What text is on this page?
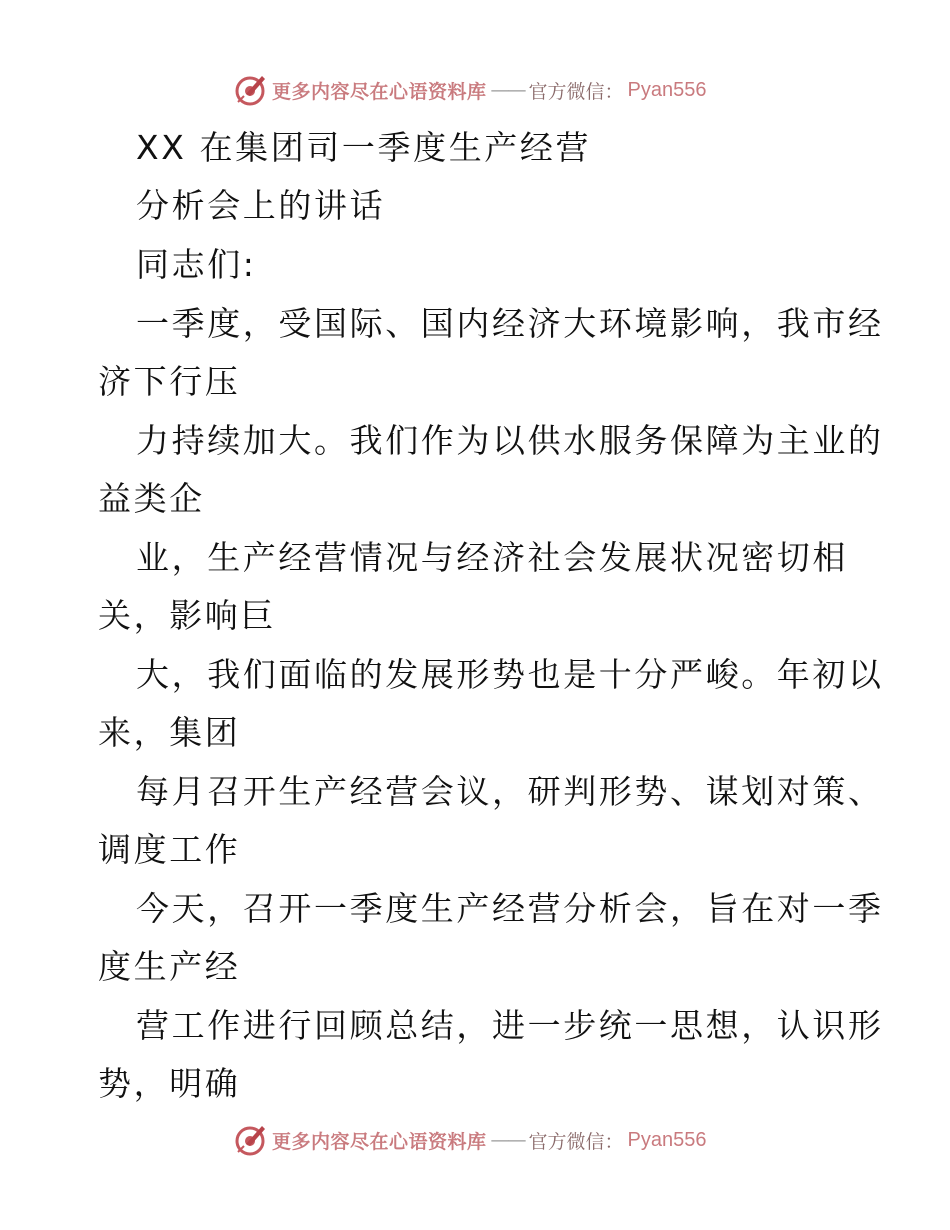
更多内容尽在心语资料库 —— 官方微信： Pyan556
XX 在集团司一季度生产经营
分析会上的讲话
同志们:
一季度，受国际、国内经济大环境影响，我市经
济下行压
力持续加大。我们作为以供水服务保障为主业的
益类企
业，生产经营情况与经济社会发展状况密切相
关，影响巨
大，我们面临的发展形势也是十分严峻。年初以
来，集团
每月召开生产经营会议，研判形势、谋划对策、
调度工作
今天，召开一季度生产经营分析会，旨在对一季
度生产经
营工作进行回顾总结，进一步统一思想，认识形
势，明确
更多内容尽在心语资料库 —— 官方微信： Pyan556
